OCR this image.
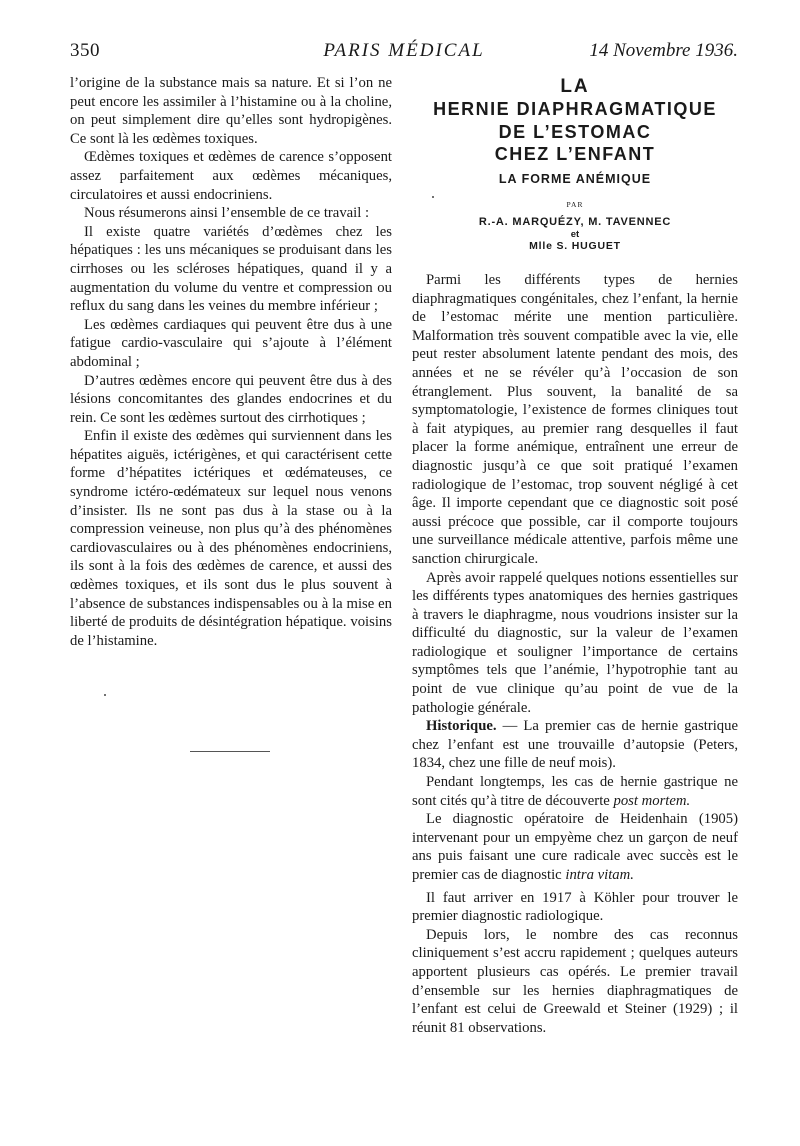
350	PARIS MÉDICAL	14 Novembre 1936.

l’origine de la substance mais sa nature. Et si l’on ne peut encore les assimiler à l’histamine ou à la choline, on peut simplement dire qu’elles sont hydropigènes. Ce sont là les œdèmes toxiques.

Œdèmes toxiques et œdèmes de carence s’opposent assez parfaitement aux œdèmes mécaniques, circulatoires et aussi endocriniens.

Nous résumerons ainsi l’ensemble de ce travail :

Il existe quatre variétés d’œdèmes chez les hépatiques : les uns mécaniques se produisant dans les cirrhoses ou les scléroses hépatiques, quand il y a augmentation du volume du ventre et compression ou reflux du sang dans les veines du membre inférieur ;

Les œdèmes cardiaques qui peuvent être dus à une fatigue cardio-vasculaire qui s’ajoute à l’élément abdominal ;

D’autres œdèmes encore qui peuvent être dus à des lésions concomitantes des glandes endocrines et du rein. Ce sont les œdèmes surtout des cirrhotiques ;

Enfin il existe des œdèmes qui surviennent dans les hépatites aiguës, ictérigènes, et qui caractérisent cette forme d’hépatites ictériques et œdémateuses, ce syndrome ictéro-œdémateux sur lequel nous venons d’insister. Ils ne sont pas dus à la stase ou à la compression veineuse, non plus qu’à des phénomènes cardiovasculaires ou à des phénomènes endocriniens, ils sont à la fois des œdèmes de carence, et aussi des œdèmes toxiques, et ils sont dus le plus souvent à l’absence de substances indispensables ou à la mise en liberté de produits de désintégration hépatique. voisins de l’histamine.

LA
HERNIE DIAPHRAGMATIQUE
DE L’ESTOMAC
CHEZ L’ENFANT
LA FORME ANÉMIQUE
PAR
R.-A. MARQUÉZY, M. TAVENNEC
et
Mlle S. HUGUET

Parmi les différents types de hernies diaphragmatiques congénitales, chez l’enfant, la hernie de l’estomac mérite une mention particulière. Malformation très souvent compatible avec la vie, elle peut rester absolument latente pendant des mois, des années et ne se révéler qu’à l’occasion de son étranglement. Plus souvent, la banalité de sa symptomatologie, l’existence de formes cliniques tout à fait atypiques, au premier rang desquelles il faut placer la forme anémique, entraînent une erreur de diagnostic jusqu’à ce que soit pratiqué l’examen radiologique de l’estomac, trop souvent négligé à cet âge. Il importe cependant que ce diagnostic soit posé aussi précoce que possible, car il comporte toujours une surveillance médicale attentive, parfois même une sanction chirurgicale.

Après avoir rappelé quelques notions essentielles sur les différents types anatomiques des hernies gastriques à travers le diaphragme, nous voudrions insister sur la difficulté du diagnostic, sur la valeur de l’examen radiologique et souligner l’importance de certains symptômes tels que l’anémie, l’hypotrophie tant au point de vue clinique qu’au point de vue de la pathologie générale.

Historique. — La premier cas de hernie gastrique chez l’enfant est une trouvaille d’autopsie (Peters, 1834, chez une fille de neuf mois).

Pendant longtemps, les cas de hernie gastrique ne sont cités qu’à titre de découverte post mortem.

Le diagnostic opératoire de Heidenhain (1905) intervenant pour un empyème chez un garçon de neuf ans puis faisant une cure radicale avec succès est le premier cas de diagnostic intra vitam.

Il faut arriver en 1917 à Köhler pour trouver le premier diagnostic radiologique.

Depuis lors, le nombre des cas reconnus cliniquement s’est accru rapidement ; quelques auteurs apportent plusieurs cas opérés. Le premier travail d’ensemble sur les hernies diaphragmatiques de l’enfant est celui de Greewald et Steiner (1929) ; il réunit 81 observations.
